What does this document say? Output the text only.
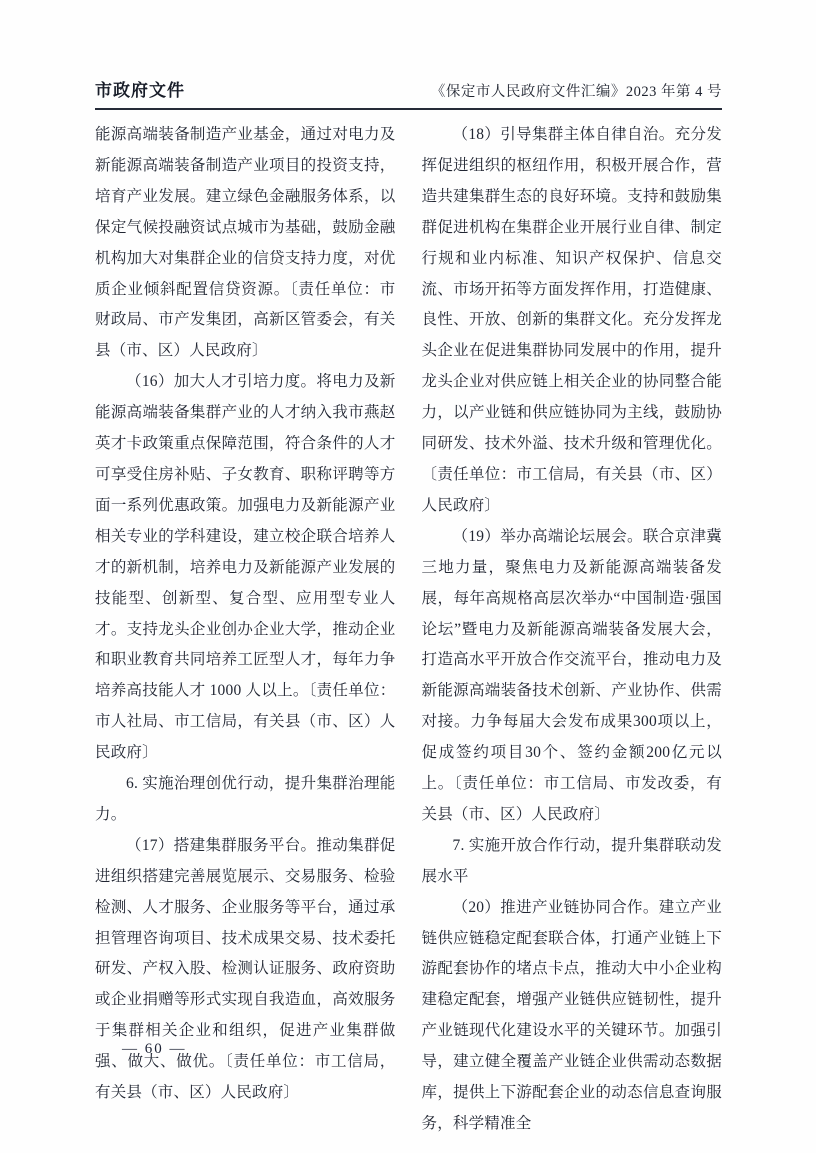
市政府文件	《保定市人民政府文件汇编》2023 年第 4 号

能源高端装备制造产业基金，通过对电力及新能源高端装备制造产业项目的投资支持，培育产业发展。建立绿色金融服务体系，以保定气候投融资试点城市为基础，鼓励金融机构加大对集群企业的信贷支持力度，对优质企业倾斜配置信贷资源。〔责任单位：市财政局、市产发集团，高新区管委会，有关县（市、区）人民政府〕

（16）加大人才引培力度。将电力及新能源高端装备集群产业的人才纳入我市燕赵英才卡政策重点保障范围，符合条件的人才可享受住房补贴、子女教育、职称评聘等方面一系列优惠政策。加强电力及新能源产业相关专业的学科建设，建立校企联合培养人才的新机制，培养电力及新能源产业发展的技能型、创新型、复合型、应用型专业人才。支持龙头企业创办企业大学，推动企业和职业教育共同培养工匠型人才，每年力争培养高技能人才 1000 人以上。〔责任单位：市人社局、市工信局，有关县（市、区）人民政府〕

6. 实施治理创优行动，提升集群治理能力。

（17）搭建集群服务平台。推动集群促进组织搭建完善展览展示、交易服务、检验检测、人才服务、企业服务等平台，通过承担管理咨询项目、技术成果交易、技术委托研发、产权入股、检测认证服务、政府资助或企业捐赠等形式实现自我造血，高效服务于集群相关企业和组织，促进产业集群做强、做大、做优。〔责任单位：市工信局，有关县（市、区）人民政府〕

（18）引导集群主体自律自治。充分发挥促进组织的枢纽作用，积极开展合作，营造共建集群生态的良好环境。支持和鼓励集群促进机构在集群企业开展行业自律、制定行规和业内标准、知识产权保护、信息交流、市场开拓等方面发挥作用，打造健康、良性、开放、创新的集群文化。充分发挥龙头企业在促进集群协同发展中的作用，提升龙头企业对供应链上相关企业的协同整合能力，以产业链和供应链协同为主线，鼓励协同研发、技术外溢、技术升级和管理优化。〔责任单位：市工信局，有关县（市、区）人民政府〕

（19）举办高端论坛展会。联合京津冀三地力量，聚焦电力及新能源高端装备发展，每年高规格高层次举办“中国制造·强国论坛”暨电力及新能源高端装备发展大会，打造高水平开放合作交流平台，推动电力及新能源高端装备技术创新、产业协作、供需对接。力争每届大会发布成果300项以上，促成签约项目30个、签约金额200亿元以上。〔责任单位：市工信局、市发改委，有关县（市、区）人民政府〕

7. 实施开放合作行动，提升集群联动发展水平

（20）推进产业链协同合作。建立产业链供应链稳定配套联合体，打通产业链上下游配套协作的堵点卡点，推动大中小企业构建稳定配套，增强产业链供应链韧性，提升产业链现代化建设水平的关键环节。加强引导，建立健全覆盖产业链企业供需动态数据库，提供上下游配套企业的动态信息查询服务，科学精准全

— 60 —
